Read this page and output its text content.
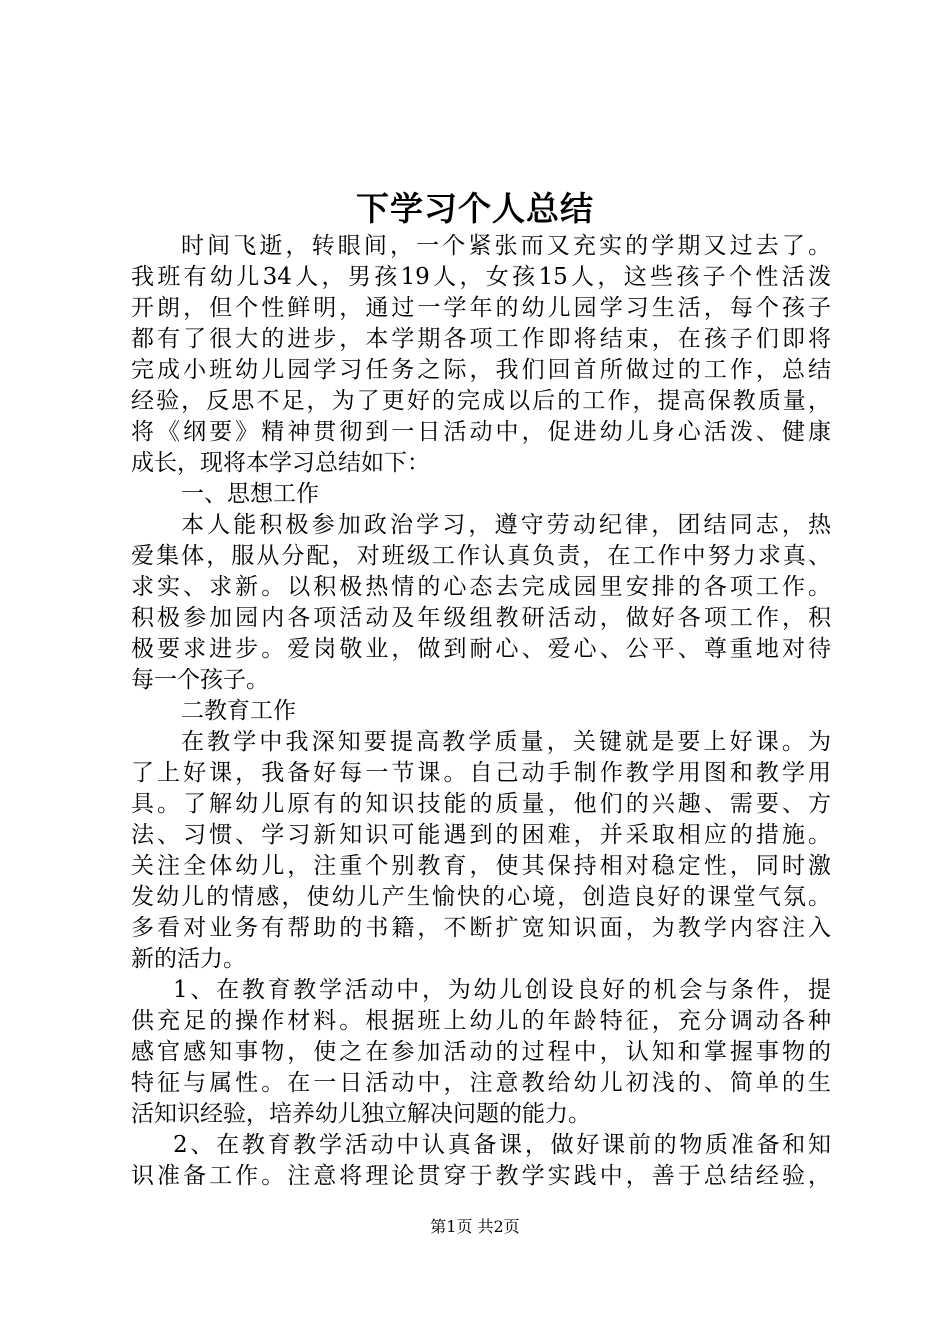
下学习个人总结
时间飞逝，转眼间，一个紧张而又充实的学期又过去了。
我班有幼儿34人，男孩19人，女孩15人，这些孩子个性活泼
开朗，但个性鲜明，通过一学年的幼儿园学习生活，每个孩子
都有了很大的进步，本学期各项工作即将结束，在孩子们即将
完成小班幼儿园学习任务之际，我们回首所做过的工作，总结
经验，反思不足，为了更好的完成以后的工作，提高保教质量，
将《纲要》精神贯彻到一日活动中，促进幼儿身心活泼、健康
成长，现将本学习总结如下：
一、思想工作
本人能积极参加政治学习，遵守劳动纪律，团结同志，热
爱集体，服从分配，对班级工作认真负责，在工作中努力求真、
求实、求新。以积极热情的心态去完成园里安排的各项工作。
积极参加园内各项活动及年级组教研活动，做好各项工作，积
极要求进步。爱岗敬业，做到耐心、爱心、公平、尊重地对待
每一个孩子。
二教育工作
在教学中我深知要提高教学质量，关键就是要上好课。为
了上好课，我备好每一节课。自己动手制作教学用图和教学用
具。了解幼儿原有的知识技能的质量，他们的兴趣、需要、方
法、习惯、学习新知识可能遇到的困难，并采取相应的措施。
关注全体幼儿，注重个别教育，使其保持相对稳定性，同时激
发幼儿的情感，使幼儿产生愉快的心境，创造良好的课堂气氛。
多看对业务有帮助的书籍，不断扩宽知识面，为教学内容注入
新的活力。
1、在教育教学活动中，为幼儿创设良好的机会与条件，提
供充足的操作材料。根据班上幼儿的年龄特征，充分调动各种
感官感知事物，使之在参加活动的过程中，认知和掌握事物的
特征与属性。在一日活动中，注意教给幼儿初浅的、简单的生
活知识经验，培养幼儿独立解决问题的能力。
2、在教育教学活动中认真备课，做好课前的物质准备和知
识准备工作。注意将理论贯穿于教学实践中，善于总结经验，
第1页 共2页
